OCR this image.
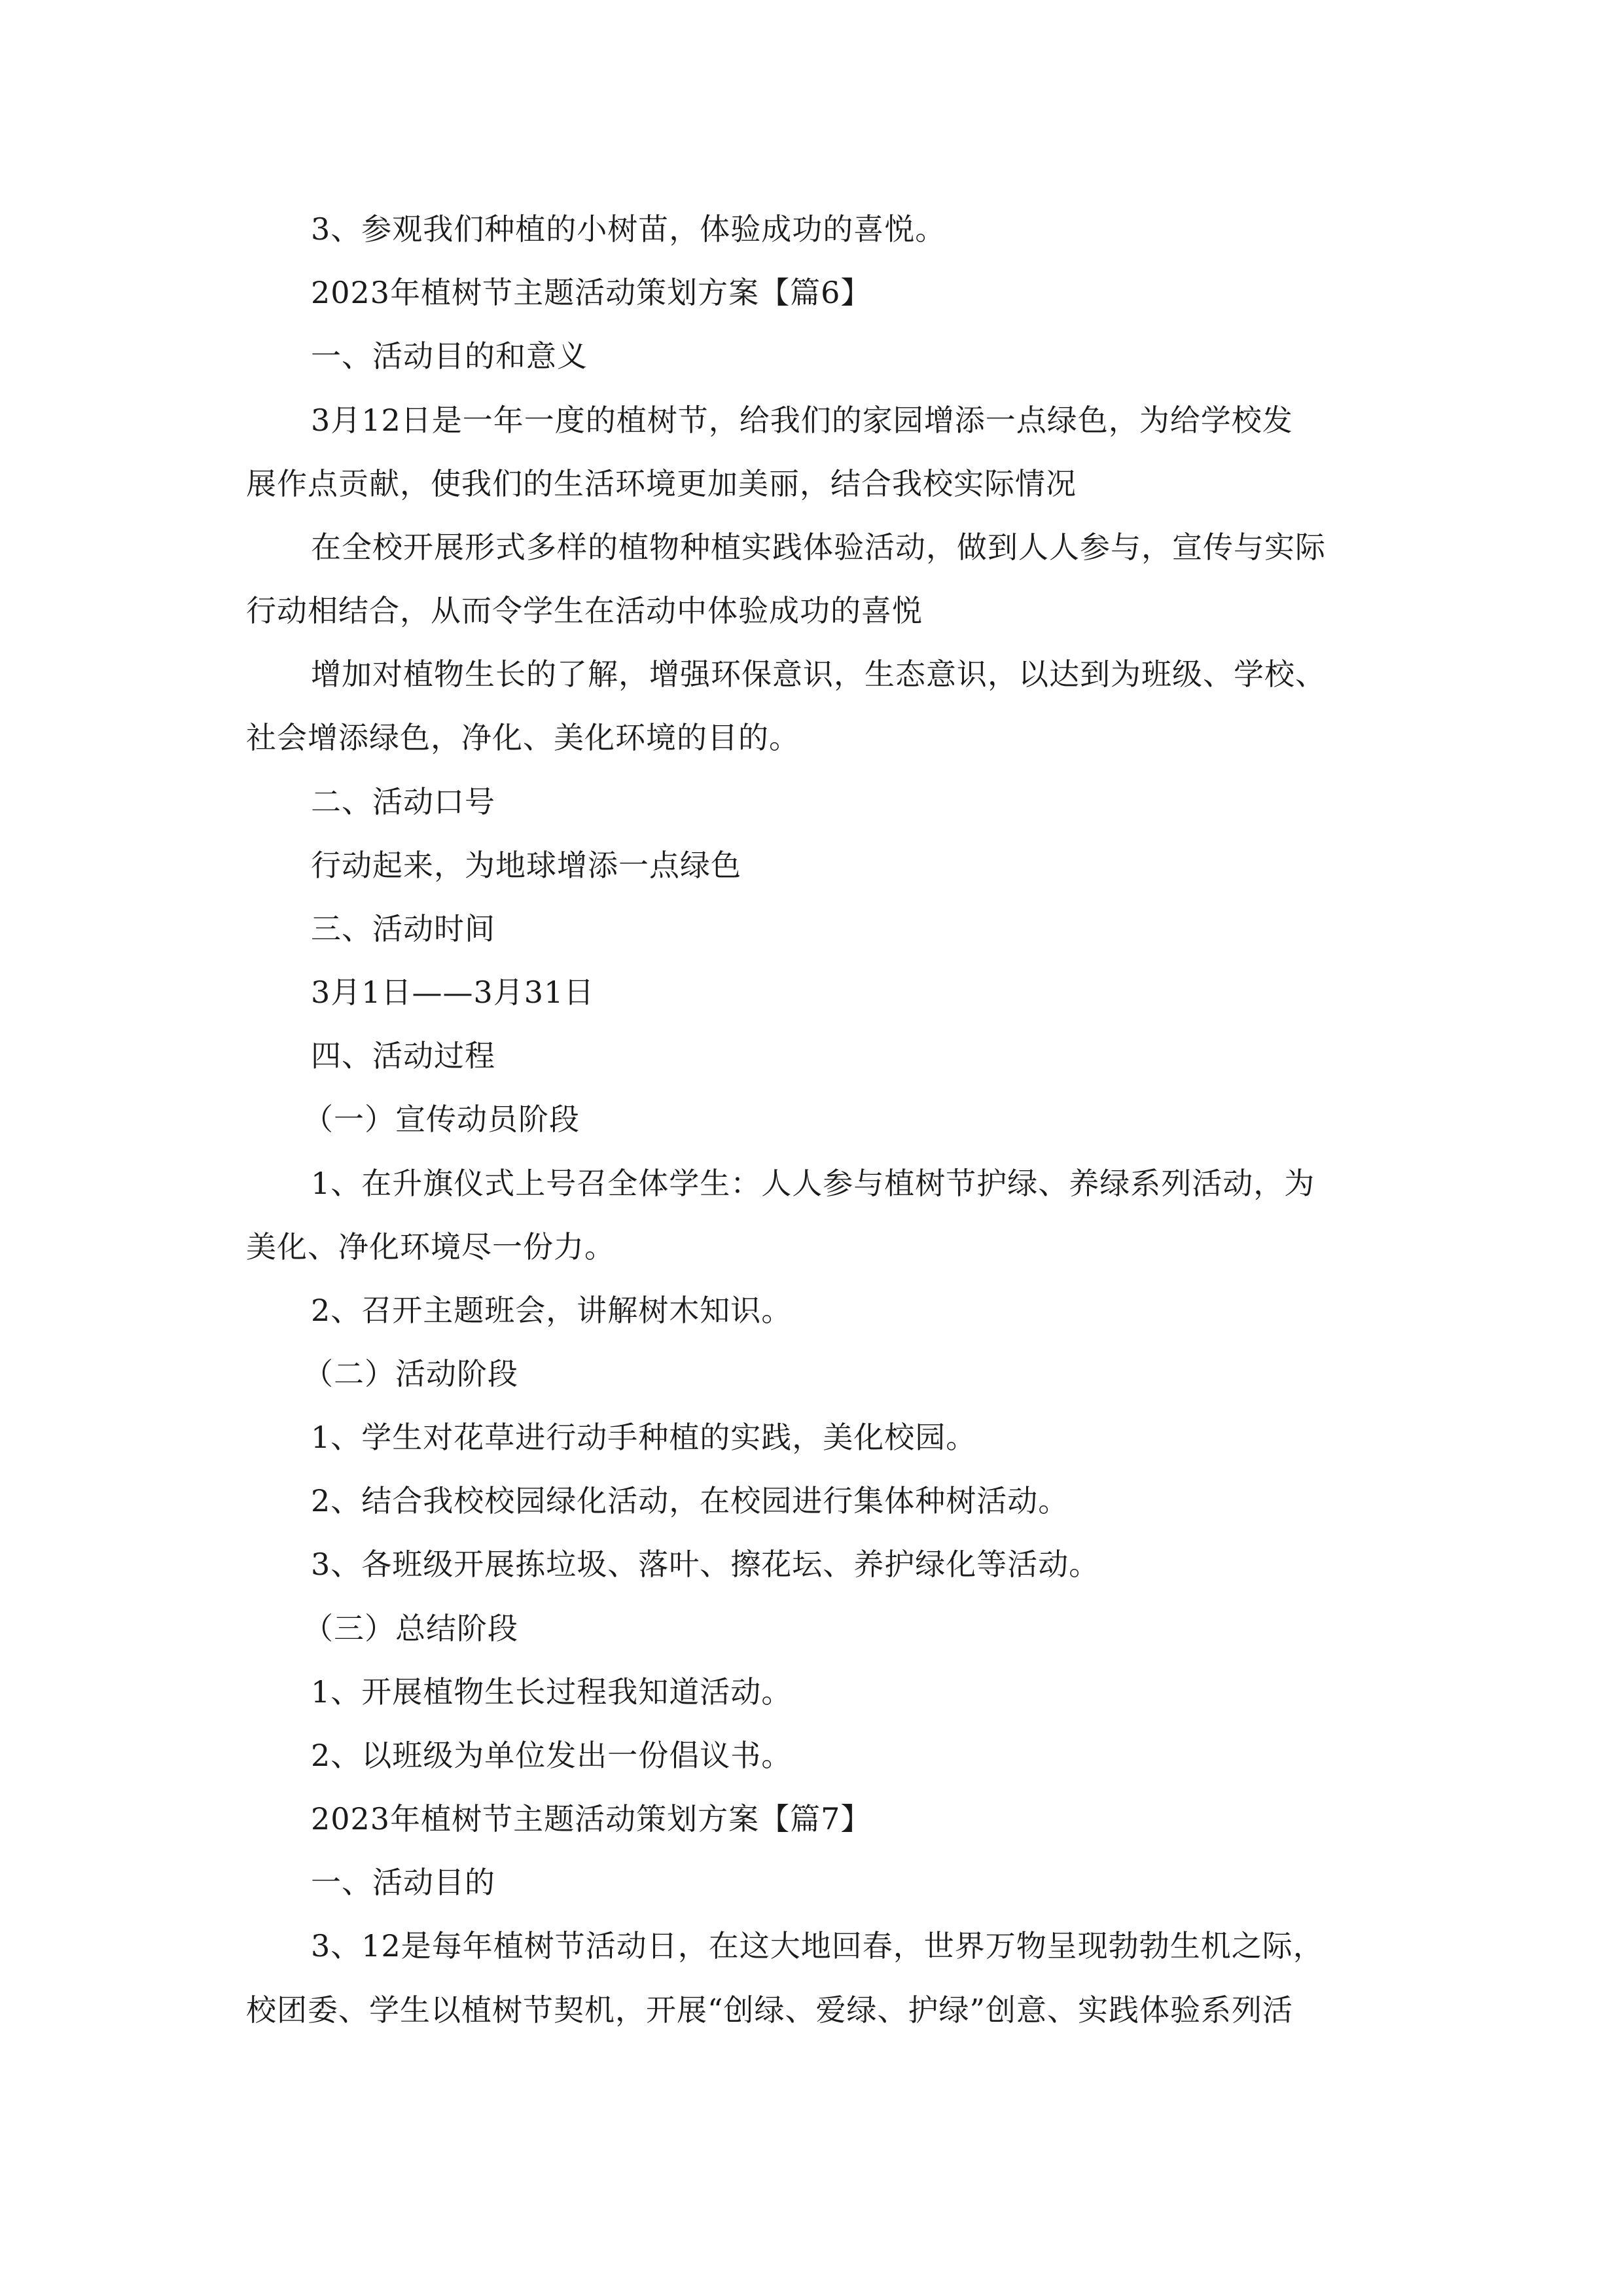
3、参观我们种植的小树苗，体验成功的喜悦。
2023年植树节主题活动策划方案【篇6】
一、活动目的和意义
3月12日是一年一度的植树节，给我们的家园增添一点绿色，为给学校发
展作点贡献，使我们的生活环境更加美丽，结合我校实际情况
在全校开展形式多样的植物种植实践体验活动，做到人人参与，宣传与实际
行动相结合，从而令学生在活动中体验成功的喜悦
增加对植物生长的了解，增强环保意识，生态意识，以达到为班级、学校、
社会增添绿色，净化、美化环境的目的。
二、活动口号
行动起来，为地球增添一点绿色
三、活动时间
3月1日——3月31日
四、活动过程
（一）宣传动员阶段
1、在升旗仪式上号召全体学生：人人参与植树节护绿、养绿系列活动，为
美化、净化环境尽一份力。
2、召开主题班会，讲解树木知识。
（二）活动阶段
1、学生对花草进行动手种植的实践，美化校园。
2、结合我校校园绿化活动，在校园进行集体种树活动。
3、各班级开展拣垃圾、落叶、擦花坛、养护绿化等活动。
（三）总结阶段
1、开展植物生长过程我知道活动。
2、以班级为单位发出一份倡议书。
2023年植树节主题活动策划方案【篇7】
一、活动目的
3、12是每年植树节活动日，在这大地回春，世界万物呈现勃勃生机之际，
校团委、学生以植树节契机，开展“创绿、爱绿、护绿”创意、实践体验系列活
